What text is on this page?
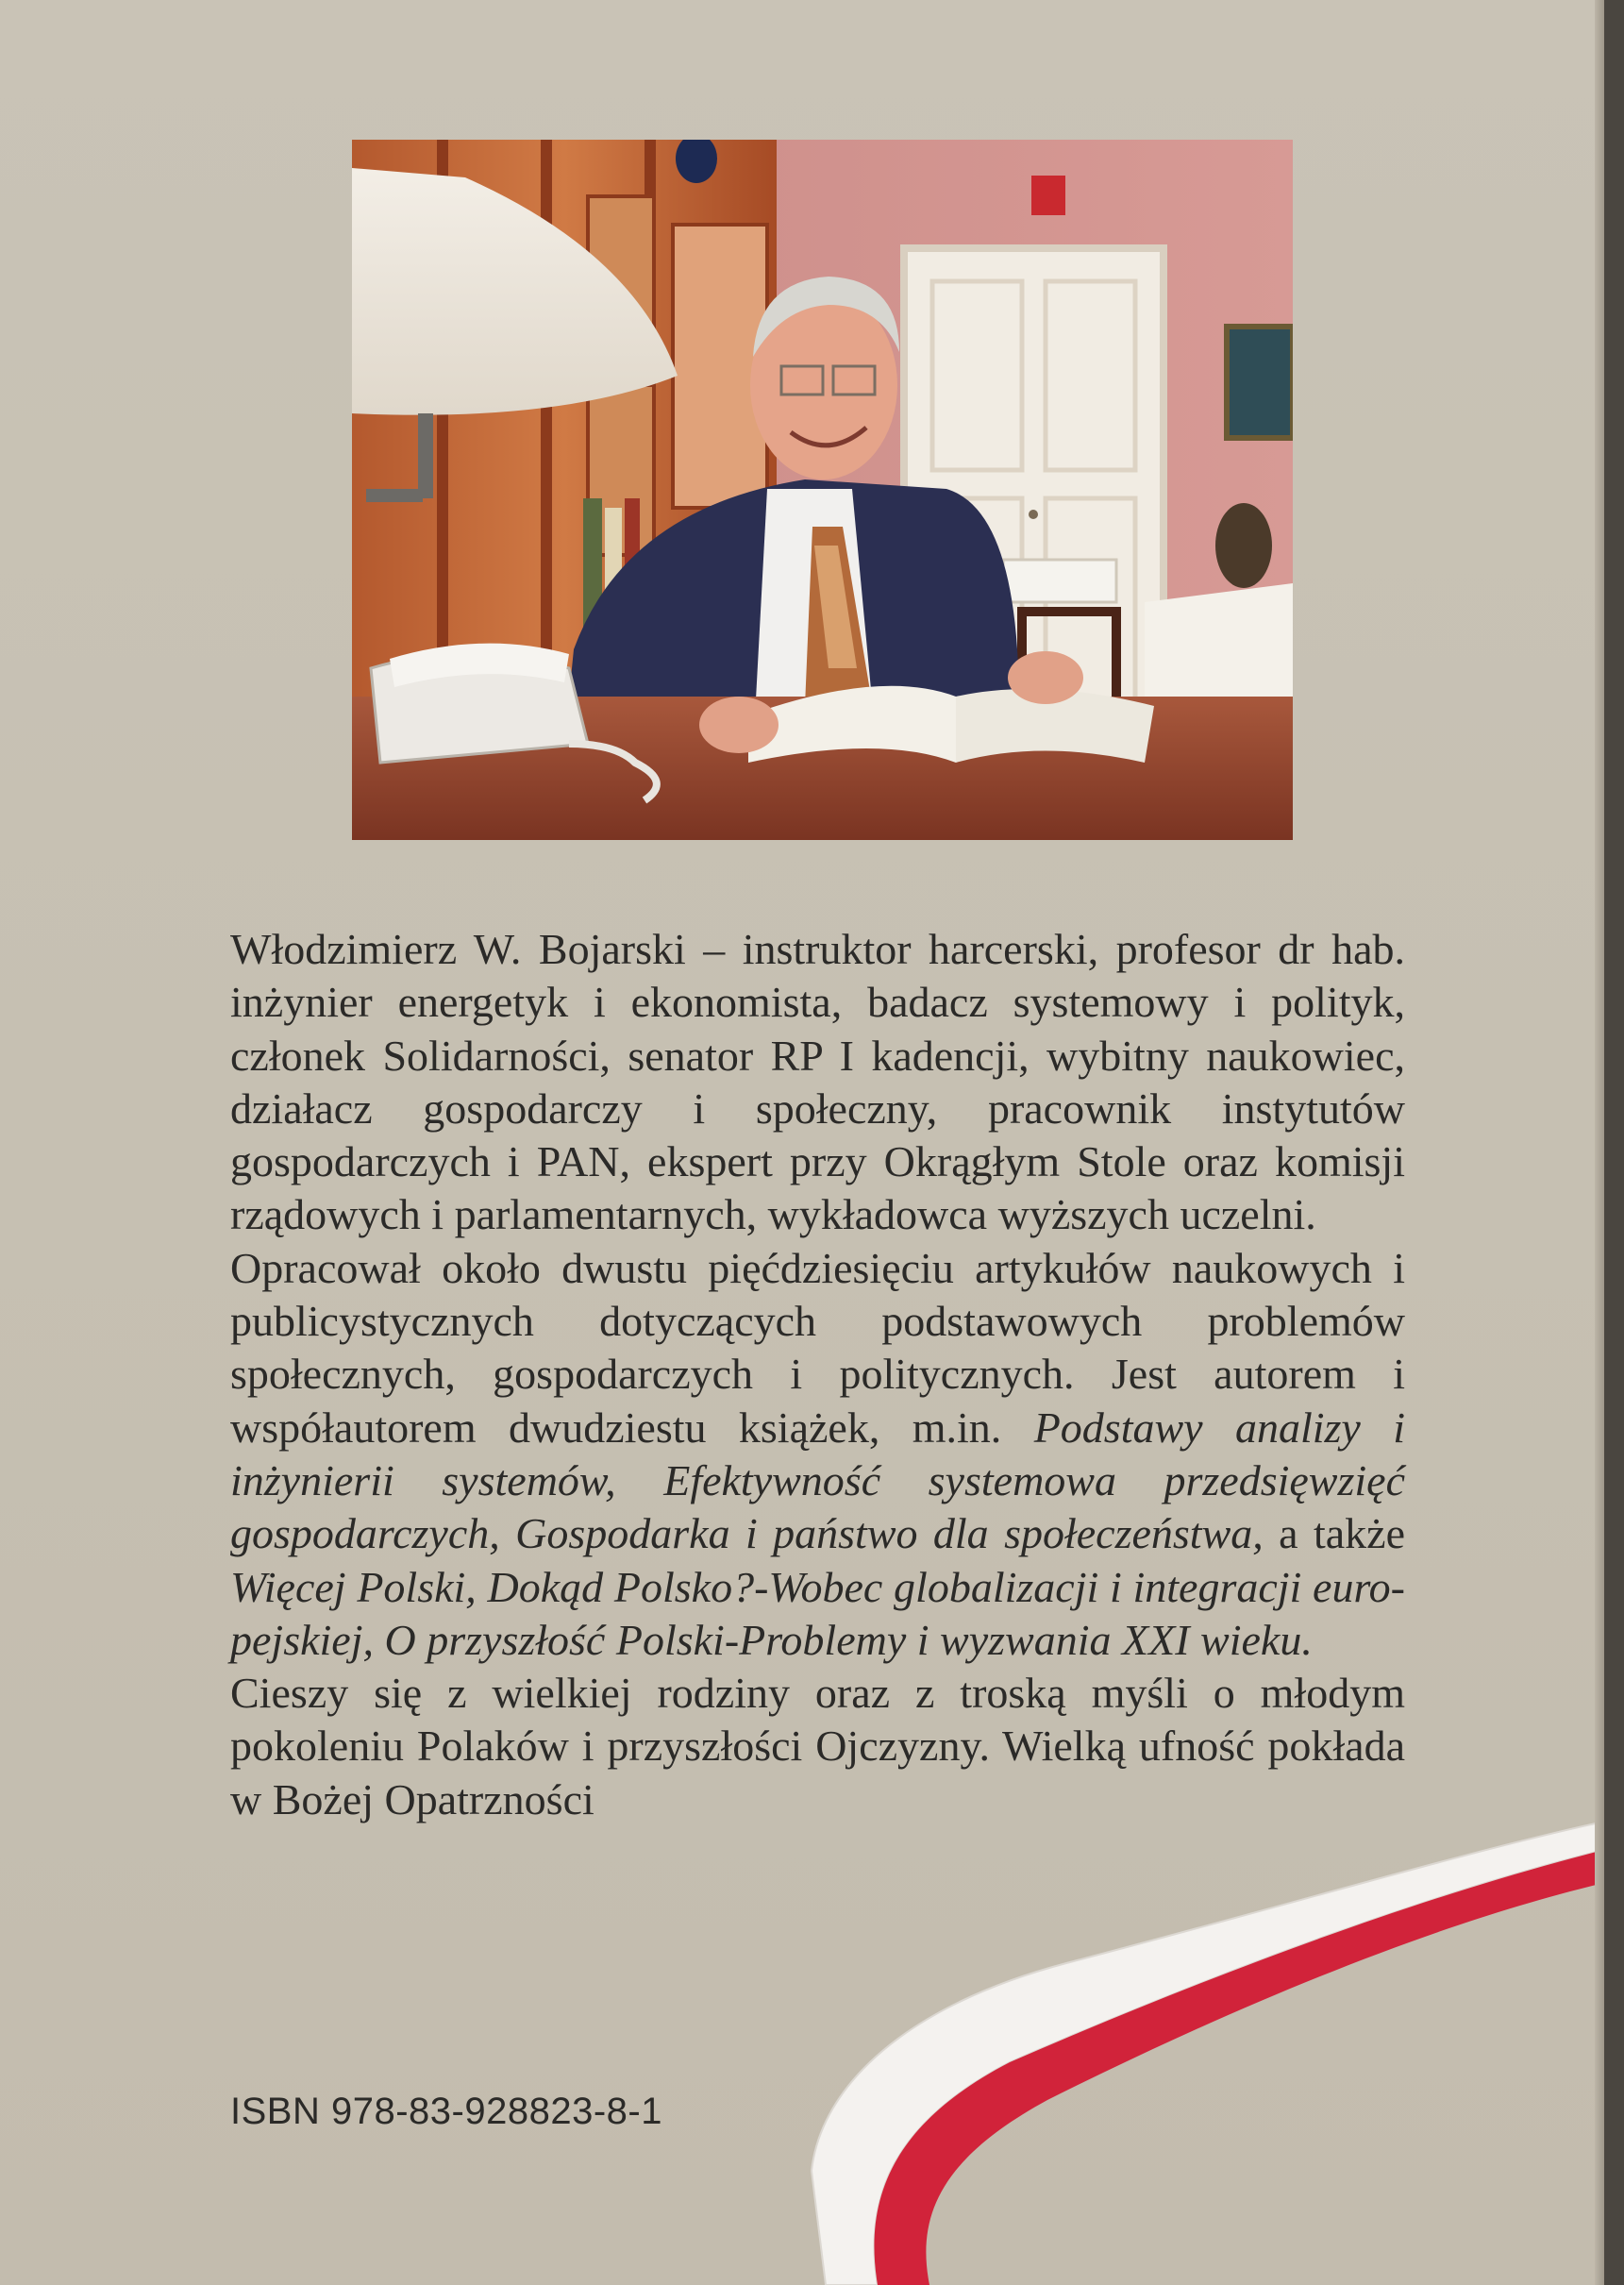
Włodzimierz W. Bojarski – instruktor harcerski, profesor dr hab. inżynier energetyk i ekonomista, badacz systemowy i polityk, członek Solidarności, senator RP I kadencji, wybitny naukowiec, działacz gospodarczy i społeczny, pracownik instytutów gospodarczych i PAN, ekspert przy Okrągłym Stole oraz komisji rządowych i parlamentarnych, wykładowca wyższych uczelni.

Opracował około dwustu pięćdziesięciu artykułów naukowych i publicystycznych dotyczących podstawowych problemów społecznych, gospodarczych i politycznych. Jest autorem i współautorem dwudziestu książek, m.in. Podstawy analizy i inżynierii systemów, Efektywność systemowa przedsięwzięć gospodarczych, Gospodarka i państwo dla społeczeństwa, a także Więcej Polski, Dokąd Polsko?-Wobec globalizacji i integracji europejskiej, O przyszłość Polski-Problemy i wyzwania XXI wieku.

Cieszy się z wielkiej rodziny oraz z troską myśli o młodym pokoleniu Polaków i przyszłości Ojczyzny. Wielką ufność pokłada w Bożej Opatrzności

ISBN 978-83-928823-8-1
